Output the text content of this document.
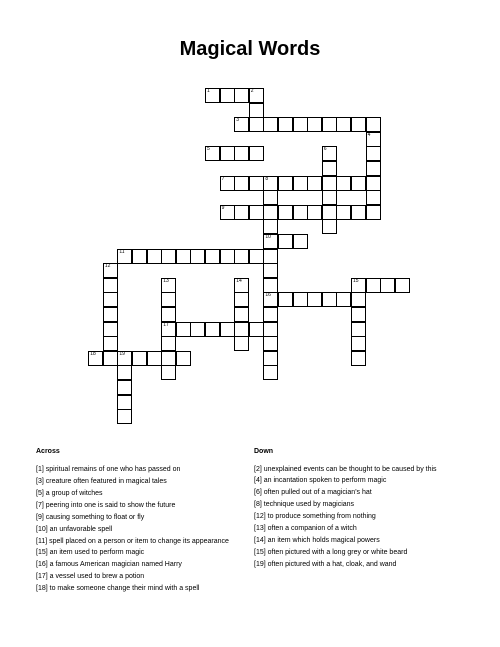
Magical Words
1	2
3
4
5	6
7	8
10
16
9
11
12
13
17
14	15
18	19
Across	Down
[1] spiritual remains of one who has passed on
[3] creature often featured in magical tales
[5] a group of witches
[7] peering into one is said to show the future
[9] causing something to float or fly
[10] an unfavorable spell
[11] spell placed on a person or item to change its appearance
[15] an item used to perform magic
[16] a famous American magician named Harry
[17] a vessel used to brew a potion
[18] to make someone change their mind with a spell
[2] unexplained events can be thought to be caused by this
[4] an incantation spoken to perform magic
[6] often pulled out of a magician's hat
[8] technique used by magicians
[12] to produce something from nothing
[13] often a companion of a witch
[14] an item which holds magical powers
[15] often pictured with a long grey or white beard
[19] often pictured with a hat, cloak, and wand
